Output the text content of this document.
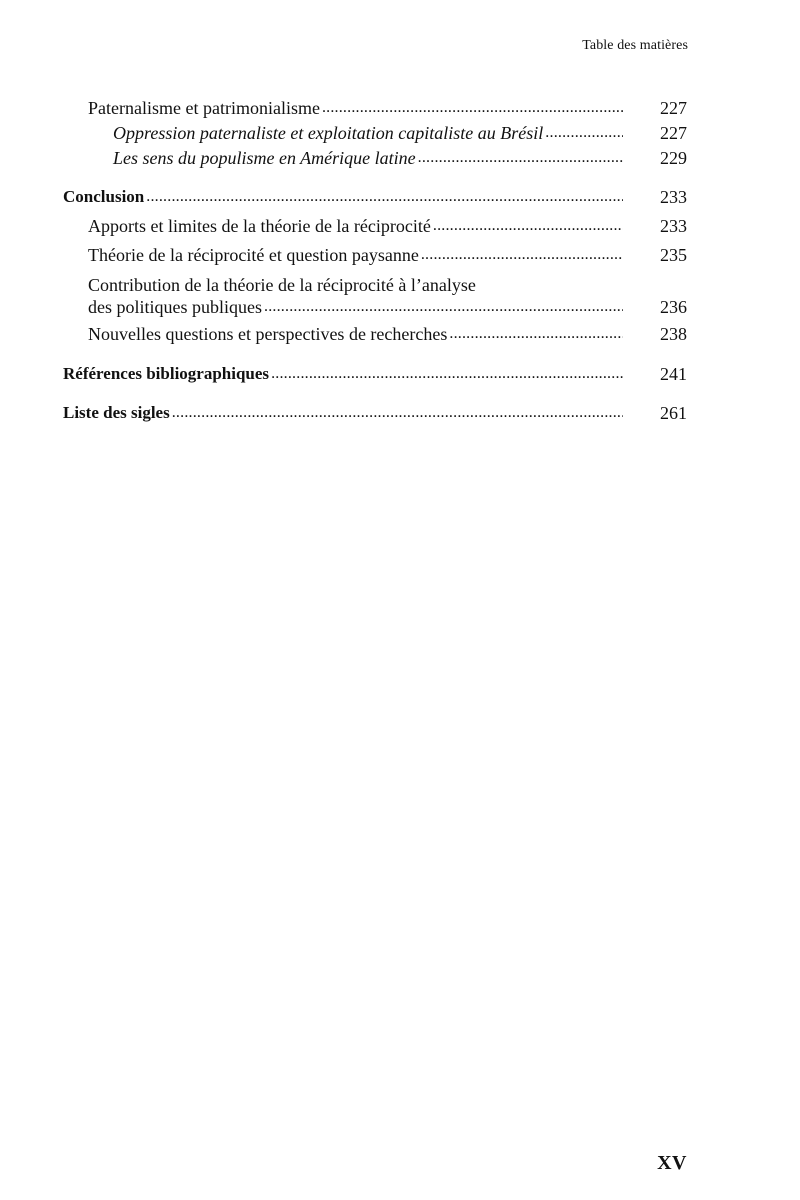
Table des matières
Paternalisme et patrimonialisme .....	227
Oppression paternaliste et exploitation capitaliste au Brésil .....	227
Les sens du populisme en Amérique latine .....	229
Conclusion .....	233
Apports et limites de la théorie de la réciprocité .....	233
Théorie de la réciprocité et question paysanne .....	235
Contribution de la théorie de la réciprocité à l’analyse
des politiques publiques .....	236
Nouvelles questions et perspectives de recherches .....	238
Références bibliographiques .....	241
Liste des sigles .....	261
XV
